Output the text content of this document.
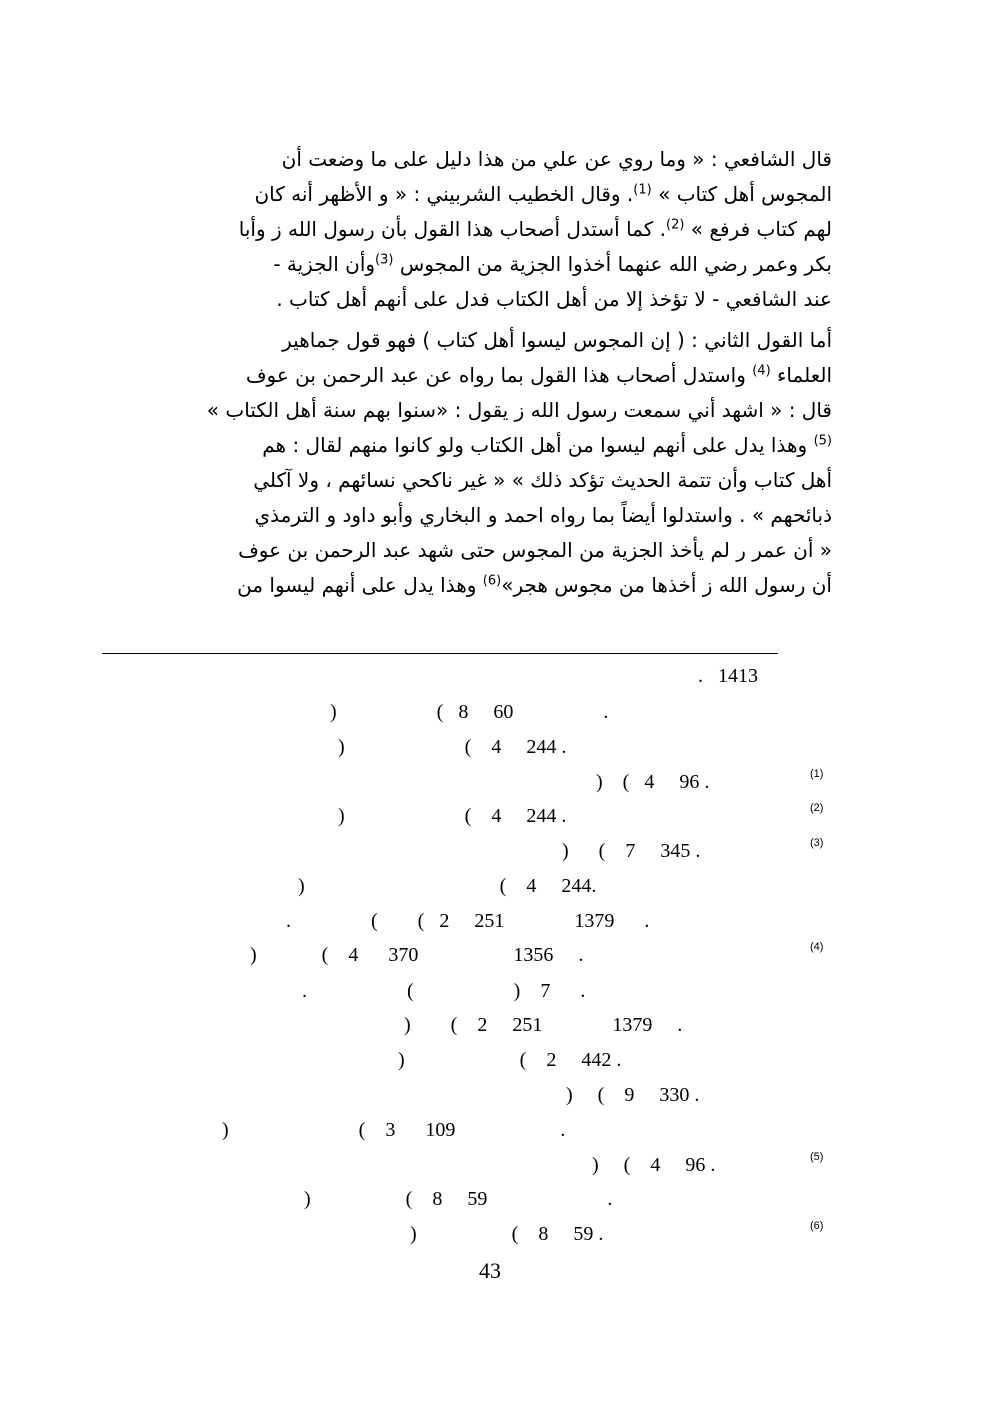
قال الشافعي : « وما روي عن علي من هذا دليل على ما وضعت أن
المجوس أهل كتاب » $^{(1)}$. وقال الخطيب الشربيني : « و الأظهر أنه كان
لهم كتاب فرفع » $^{(2)}$. كما أستدل أصحاب هذا القول بأن رسول الله ز وأبا
بكر وعمر رضي الله عنهما أخذوا الجزية من المجوس $^{(3)}$وأن الجزية -
عند الشافعي - لا تؤخذ إلا من أهل الكتاب فدل على أنهم أهل كتاب .

أما القول الثاني : ( إن المجوس ليسوا أهل كتاب ) فهو قول جماهير
العلماء $^{(4)}$ واستدل أصحاب هذا القول بما رواه عن عبد الرحمن بن عوف
قال : « اشهد أني سمعت رسول الله ز يقول : «سنوا بهم سنة أهل الكتاب »
$^{(5)}$ وهذا يدل على أنهم ليسوا من أهل الكتاب ولو كانوا منهم لقال : هم
أهل كتاب وأن تتمة الحديث تؤكد ذلك » « غير ناكحي نسائهم ، ولا آكلي
ذبائحهم » . واستدلوا أيضاً بما رواه احمد و البخاري وأبو داود و الترمذي
« أن عمر ر لم يأخذ الجزية من المجوس حتى شهد عبد الرحمن بن عوف
أن رسول الله ز أخذها من مجوس هجر»$^{(6)}$ وهذا يدل على أنهم ليسوا من

.   1413
)                    (   8     60                  .
)                        (    4     244 .
)    (   4     96 .
)                        (    4     244 .
)      (    7     345 .
)                                       (    4     244.
.                (        (   2     251              1379      .
)             (    4      370                   1356     .
.                    (                    )    7      .
)        (    2     251              1379     .
)                       (    2     442 .
)     (    9     330 .
)                          (    3      109                     .
)     (    4     96 .
)                   (    8     59                        .
)                   (    8     59 .
(1)
(2)
(3)
(4)
(5)
(6)
43
